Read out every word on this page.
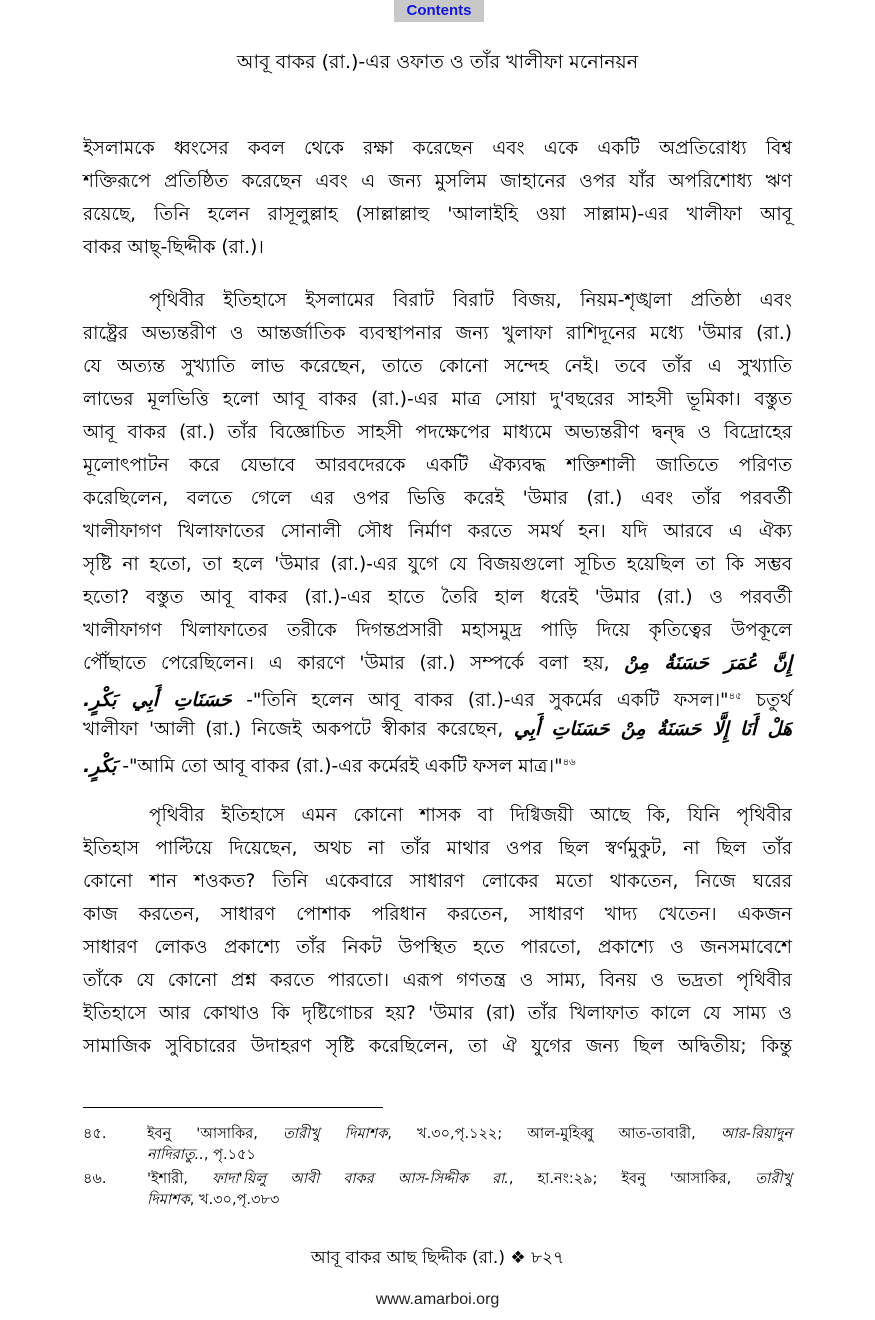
Contents
আবূ বাকর (রা.)-এর ওফাত ও তাঁর খালীফা মনোনয়ন
ইসলামকে ধ্বংসের কবল থেকে রক্ষা করেছেন এবং একে একটি অপ্রতিরোধ্য বিশ্ব
শক্তিরূপে প্রতিষ্ঠিত করেছেন এবং এ জন্য মুসলিম জাহানের ওপর যাঁর অপরিশোধ্য ঋণ
রয়েছে, তিনি হলেন রাসূলুল্লাহ (সাল্লাল্লাহু 'আলাইহি ওয়া সাল্লাম)-এর খালীফা আবূ
বাকর আছ্-ছিদ্দীক (রা.)।
পৃথিবীর ইতিহাসে ইসলামের বিরাট বিরাট বিজয়, নিয়ম-শৃঙ্খলা প্রতিষ্ঠা এবং
রাষ্ট্রের অভ্যন্তরীণ ও আন্তর্জাতিক ব্যবস্থাপনার জন্য খুলাফা রাশিদূনের মধ্যে 'উমার (রা.)
যে অত্যন্ত সুখ্যাতি লাভ করেছেন, তাতে কোনো সন্দেহ নেই। তবে তাঁর এ সুখ্যাতি
লাভের মূলভিত্তি হলো আবূ বাকর (রা.)-এর মাত্র সোয়া দু'বছরের সাহসী ভূমিকা। বস্তুত
আবূ বাকর (রা.) তাঁর বিজ্ঞোচিত সাহসী পদক্ষেপের মাধ্যমে অভ্যন্তরীণ দ্বন্দ্ব ও বিদ্রোহের
মূলোৎপাটন করে যেভাবে আরবদেরকে একটি ঐক্যবদ্ধ শক্তিশালী জাতিতে পরিণত
করেছিলেন, বলতে গেলে এর ওপর ভিত্তি করেই 'উমার (রা.) এবং তাঁর পরবর্তী
খালীফাগণ খিলাফাতের সোনালী সৌধ নির্মাণ করতে সমর্থ হন। যদি আরবে এ ঐক্য
সৃষ্টি না হতো, তা হলে 'উমার (রা.)-এর যুগে যে বিজয়গুলো সূচিত হয়েছিল তা কি সম্ভব
হতো? বস্তুত আবূ বাকর (রা.)-এর হাতে তৈরি হাল ধরেই 'উমার (রা.) ও পরবর্তী
খালীফাগণ খিলাফাতের তরীকে দিগন্তপ্রসারী মহাসমুদ্র পাড়ি দিয়ে কৃতিত্বের উপকূলে
পৌঁছাতে পেরেছিলেন। এ কারণে 'উমার (রা.) সম্পর্কে বলা হয়, إِنَّ عُمَرَ حَسَنَةٌ مِنْ
حَسَنَاتِ أَبِي بَكْرٍ. -"তিনি হলেন আবূ বাকর (রা.)-এর সুকর্মের একটি ফসল।"$^{৪৫}$ চতুর্থ
খালীফা 'আলী (রা.) নিজেই অকপটে স্বীকার করেছেন, هَلْ أَنَا إِلَّا حَسَنَةٌ مِنْ حَسَنَاتِ أَبِي
بَكْرٍ. -"আমি তো আবূ বাকর (রা.)-এর কর্মেরই একটি ফসল মাত্র।"$^{৪৬}$
পৃথিবীর ইতিহাসে এমন কোনো শাসক বা দিগ্বিজয়ী আছে কি, যিনি পৃথিবীর
ইতিহাস পাল্টিয়ে দিয়েছেন, অথচ না তাঁর মাথার ওপর ছিল স্বর্ণমুকুট, না ছিল তাঁর
কোনো শান শওকত? তিনি একেবারে সাধারণ লোকের মতো থাকতেন, নিজে ঘরের
কাজ করতেন, সাধারণ পোশাক পরিধান করতেন, সাধারণ খাদ্য খেতেন। একজন
সাধারণ লোকও প্রকাশ্যে তাঁর নিকট উপস্থিত হতে পারতো, প্রকাশ্যে ও জনসমাবেশে
তাঁকে যে কোনো প্রশ্ন করতে পারতো। এরূপ গণতন্ত্র ও সাম্য, বিনয় ও ভদ্রতা পৃথিবীর
ইতিহাসে আর কোথাও কি দৃষ্টিগোচর হয়? 'উমার (রা) তাঁর খিলাফাত কালে যে সাম্য ও
সামাজিক সুবিচারের উদাহরণ সৃষ্টি করেছিলেন, তা ঐ যুগের জন্য ছিল অদ্বিতীয়; কিন্তু
৪৫.	ইবনু 'আসাকির, তারীখু দিমাশক, খ.৩০,পৃ.১২২; আল-মুহিব্বু আত-তাবারী, আর-রিয়াদুন
নাদিরাতু.., পৃ.১৫১
৪৬.	'ইশারী, ফাদা'য়িলু আবী বাকর আস-সিদ্দীক রা., হা.নং:২৯; ইবনু 'আসাকির, তারীখু
দিমাশক, খ.৩০,পৃ.৩৮৩
আবূ বাকর আছ ছিদ্দীক (রা.) ❖ ৮২৭
www.amarboi.org
